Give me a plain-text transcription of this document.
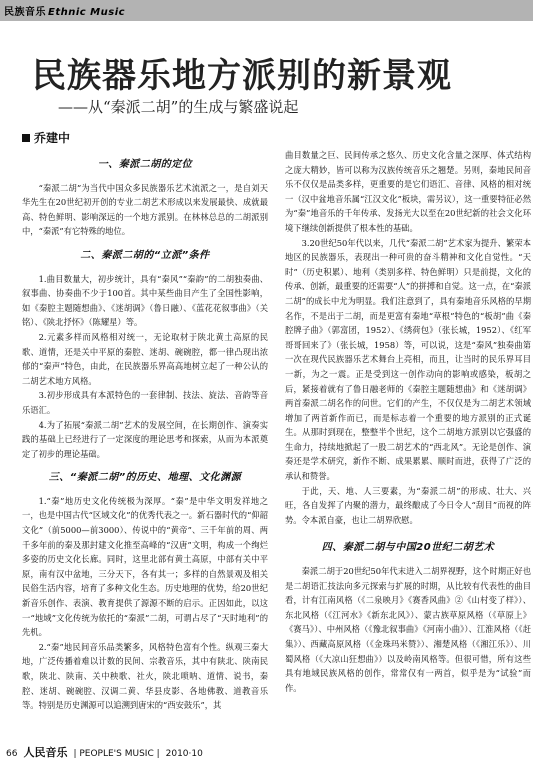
民族音乐 Ethnic Music
民族器乐地方派别的新景观
——从“秦派二胡”的生成与繁盛说起
乔建中
一、秦派二胡的定位

“秦派二胡”为当代中国众多民族器乐艺术流派之一，是自刘天华先生在20世纪初开创的专业二胡艺术形成以来发展最快、成就最高、特色鲜明、影响深远的一个地方派别。在林林总总的二胡派别中，“秦派”有它特殊的地位。

二、秦派二胡的“立派”条件

1.曲目数量大，初步统计，具有“秦风”“秦韵”的二胡独奏曲、叙事曲、协奏曲不少于100首。其中某些曲目产生了全国性影响，如《秦腔主题随想曲》、《迷胡调》（鲁日融）、《蓝花花叙事曲》（关铭）、《陕北抒怀》（陈耀星）等。

2.元素多样而风格相对统一，无论取材于陕北黄土高原的民歌、道情，还是关中平原的秦腔、迷胡、碗碗腔，都一律凸现出浓郁的“秦声”特色，由此，在民族器乐界高高地树立起了一种公认的二胡艺术地方风格。

3.初步形成具有本派特色的一套律制、技法、旋法、音韵等音乐语汇。

4.为了拓展“秦派二胡”艺术的发展空间，在长期创作、演奏实践的基础上已经进行了一定深度的理论思考和探索，从而为本派奠定了初步的理论基础。

三、“秦派二胡”的历史、地理、文化渊源

1.“秦”地历史文化传统极为深厚。“秦”是中华文明发祥地之一，也是中国古代“区域文化”的优秀代表之一。新石器时代的“仰韶文化”（前5000—前3000）、传说中的“黄帝”、三千年前的周、两千多年前的秦及那封建文化推至高峰的“汉唐”文明，构成一个绚烂多姿的历史文化长廊。同时，这里北部有黄土高原，中部有关中平原，南有汉中盆地，三分天下，各有其一；多样的自然景观及相关民俗生活内容，培育了多种文化生态。历史地理的优势，给20世纪新音乐创作、表演、教育提供了源源不断的启示。正因如此，以这一“地域”文化传统为依托的“秦派”二胡，可谓占尽了“天时地利”的先机。

2.“秦”地民间音乐品类繁多，风格特色富有个性。纵观三秦大地，广泛传播着难以计数的民间、宗教音乐，其中有陕北、陕南民歌，陕北、陕南、关中秧歌、社火，陕北唢呐、道情、说书，秦腔、迷胡、碗碗腔、汉调二黄、华县皮影、各地佛教、道教音乐等。特别是历史渊源可以追溯到唐宋的“西安鼓乐”，其

曲目数量之巨、民间传承之悠久、历史文化含量之深厚、体式结构之庞大精妙，皆可以称为汉族传统音乐之翘楚。另则，秦地民间音乐不仅仅是品类多样，更重要的是它们语汇、音律、风格的相对统一（汉中盆地音乐属“江汉文化”板块，需另议），这一重要特征必然为“秦”地音乐的千年传承、发扬光大以至在20世纪新的社会文化环境下继续创新提供了根本性的基础。

3.20世纪50年代以来，几代“秦派二胡”艺术家为提升、繁荣本地区的民族器乐，表现出一种可贵的奋斗精神和文化自觉性。“天时”（历史积累）、地利（类别多样、特色鲜明）只是前提，文化的传承、创新，最重要的还需要“人”的拼搏和自觉。这一点，在“秦派二胡”的成长中尤为明显。我们注意到了，具有秦地音乐风格的早期名作，不是出于二胡，而是更富有秦地“草根”特色的“板胡”曲《秦腔牌子曲》（郭富团，1952）、《绣荷包》（张长城，1952）、《红军哥哥回来了》（张长城，1958）等，可以说，这是“秦风”独奏曲第一次在现代民族器乐艺术舞台上亮相，而且，让当时的民乐界耳目一新，为之一震。正是受到这一创作动向的影响或感染，板胡之后，紧接着就有了鲁日融老师的《秦腔主题随想曲》和《迷胡调》两首秦派二胡名作的问世。它们的产生，不仅仅是为二胡艺术领域增加了两首新作而已，而是标志着一个重要的地方派别的正式诞生。从那时到现在，整整半个世纪，这个二胡地方派别以它强盛的生命力，持续地掀起了一股二胡艺术的“西北风”。无论是创作、演奏还是学术研究，新作不断、成果累累、顺时而进，获得了广泛的承认和赞誉。

于此，天、地、人三要素，为“秦派二胡”的形成、壮大、兴旺，各自发挥了内聚的潜力，最终酿成了今日令人“刮目”而视的阵势。令本派自豪，也让二胡界欣慰。

四、秦派二胡与中国20世纪二胡艺术

秦派二胡于20世纪50年代末进入二胡界视野，这个时期正好也是二胡语汇技法向多元探索与扩展的时期，从比较有代表性的曲目看，计有江南风格（《二泉映月》《赛香风曲》②《山村变了样》）、东北风格（《江河水》《新东北风》）、蒙古族草原风格（《草原上》《赛马》）、中州风格（《豫北叙事曲》《河南小曲》）、江淮风格（《赶集》）、西藏高原风格（《金珠玛米赞》）、湘楚风格（《湘江乐》）、川蜀风格（《大凉山狂想曲》）以及岭南风格等。但很可惜，所有这些具有地域民族风格的创作，常常仅有一两首，似乎是为“试验”而作。

66 人民音乐 | PEOPLE'S MUSIC | 2010·10
